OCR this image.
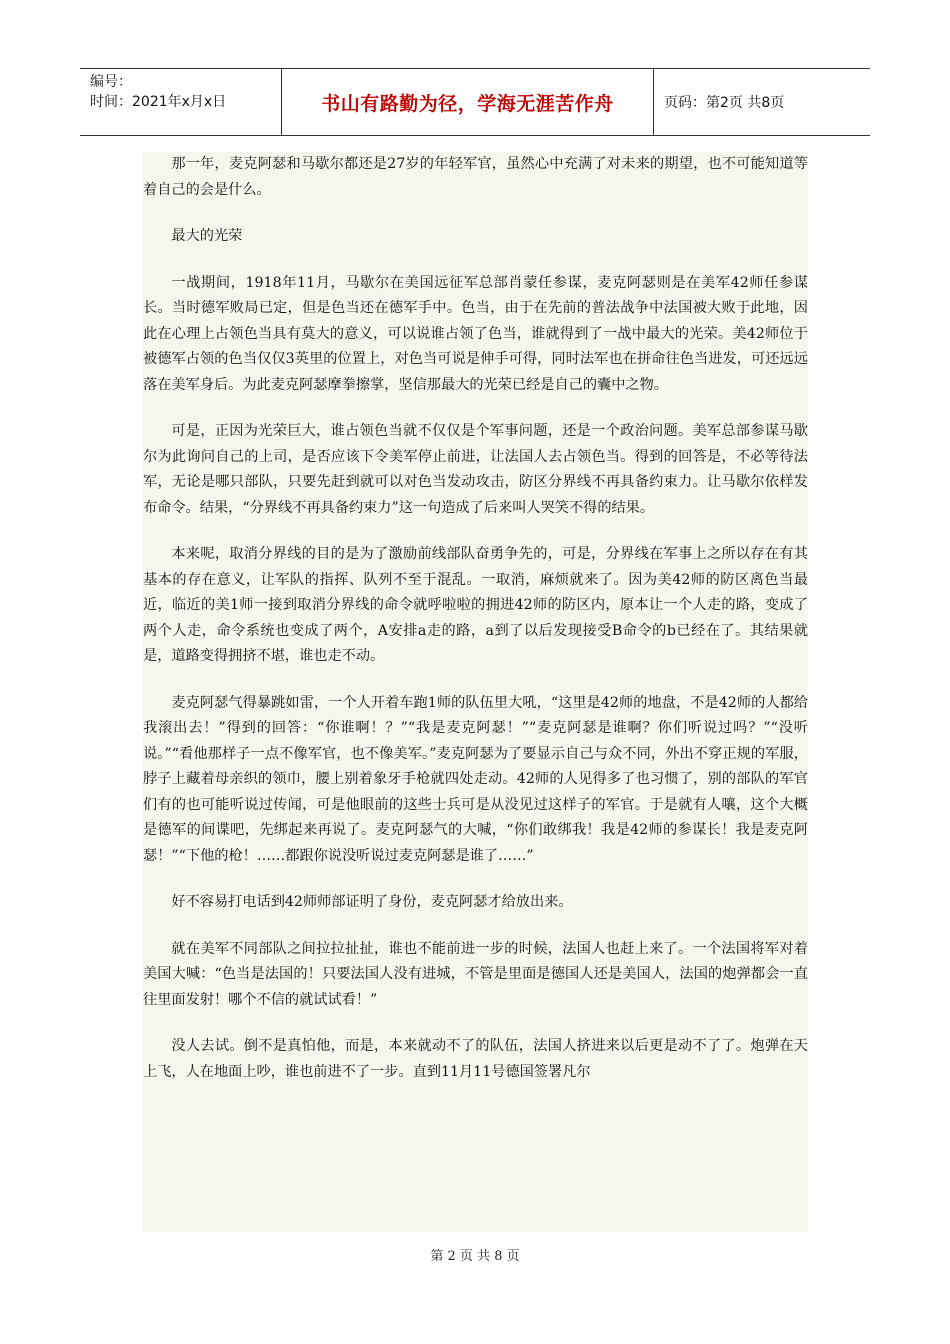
编号：
时间：2021年x月x日	书山有路勤为径，学海无涯苦作舟	页码：第2页 共8页

那一年，麦克阿瑟和马歇尔都还是27岁的年轻军官，虽然心中充满了对未来的期望，也不可能知道等着自己的会是什么。

最大的光荣

一战期间，1918年11月，马歇尔在美国远征军总部肖蒙任参谋，麦克阿瑟则是在美军42师任参谋长。当时德军败局已定，但是色当还在德军手中。色当，由于在先前的普法战争中法国被大败于此地，因此在心理上占领色当具有莫大的意义，可以说谁占领了色当，谁就得到了一战中最大的光荣。美42师位于被德军占领的色当仅仅3英里的位置上，对色当可说是伸手可得，同时法军也在拼命往色当进发，可还远远落在美军身后。为此麦克阿瑟摩拳擦掌，坚信那最大的光荣已经是自己的囊中之物。

可是，正因为光荣巨大，谁占领色当就不仅仅是个军事问题，还是一个政治问题。美军总部参谋马歇尔为此询问自己的上司，是否应该下令美军停止前进，让法国人去占领色当。得到的回答是，不必等待法军，无论是哪只部队，只要先赶到就可以对色当发动攻击，防区分界线不再具备约束力。让马歇尔依样发布命令。结果，“分界线不再具备约束力”这一句造成了后来叫人哭笑不得的结果。

本来呢，取消分界线的目的是为了激励前线部队奋勇争先的，可是，分界线在军事上之所以存在有其基本的存在意义，让军队的指挥、队列不至于混乱。一取消，麻烦就来了。因为美42师的防区离色当最近，临近的美1师一接到取消分界线的命令就呼啦啦的拥进42师的防区内，原本让一个人走的路，变成了两个人走，命令系统也变成了两个，A安排a走的路，a到了以后发现接受B命令的b已经在了。其结果就是，道路变得拥挤不堪，谁也走不动。

麦克阿瑟气得暴跳如雷，一个人开着车跑1师的队伍里大吼，“这里是42师的地盘，不是42师的人都给我滚出去！”得到的回答：“你谁啊！？”“我是麦克阿瑟！”“麦克阿瑟是谁啊？你们听说过吗？”“没听说。”“看他那样子一点不像军官，也不像美军。”麦克阿瑟为了要显示自己与众不同，外出不穿正规的军服，脖子上藏着母亲织的领巾，腰上别着象牙手枪就四处走动。42师的人见得多了也习惯了，别的部队的军官们有的也可能听说过传闻，可是他眼前的这些士兵可是从没见过这样子的军官。于是就有人嚷，这个大概是德军的间谍吧，先绑起来再说了。麦克阿瑟气的大喊，“你们敢绑我！我是42师的参谋长！我是麦克阿瑟！”“下他的枪！……都跟你说没听说过麦克阿瑟是谁了……”

好不容易打电话到42师师部证明了身份，麦克阿瑟才给放出来。

就在美军不同部队之间拉拉扯扯，谁也不能前进一步的时候，法国人也赶上来了。一个法国将军对着美国大喊：“色当是法国的！只要法国人没有进城，不管是里面是德国人还是美国人，法国的炮弹都会一直往里面发射！哪个不信的就试试看！”

没人去试。倒不是真怕他，而是，本来就动不了的队伍，法国人挤进来以后更是动不了了。炮弹在天上飞，人在地面上吵，谁也前进不了一步。直到11月11号德国签署凡尔

第 2 页 共 8 页
